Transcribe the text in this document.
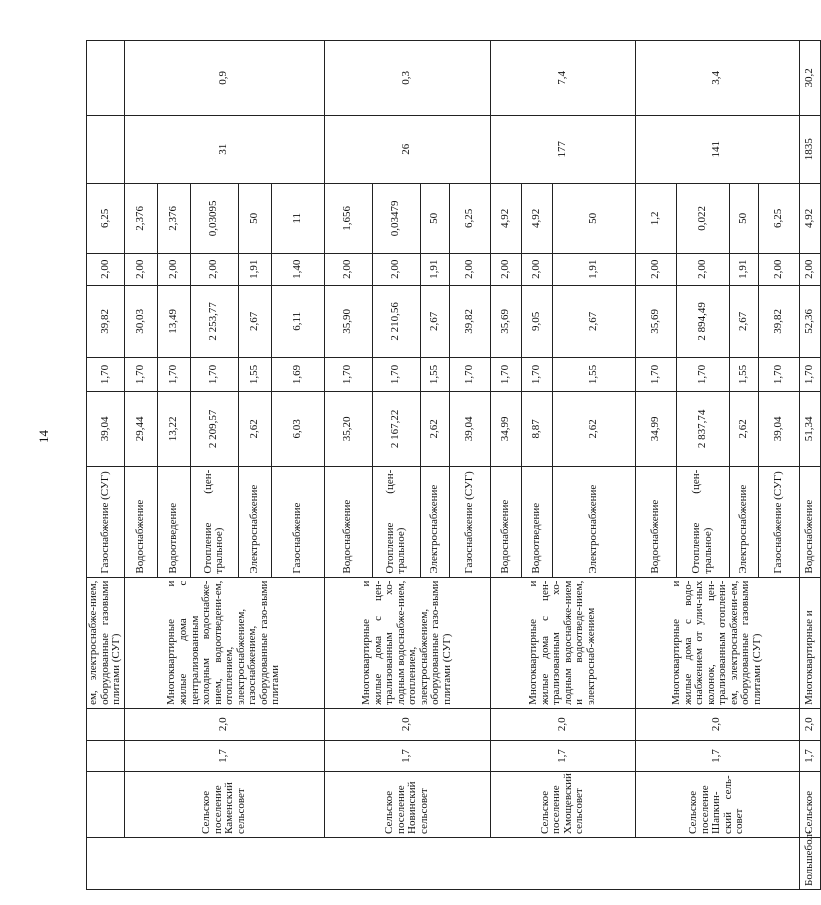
14
				ем, электроснабже-нием, оборудованные газовыми плитами (СУГ)	Газоснабжение (СУГ)	39,04	1,70	39,82	2,00	6,25		
	Сельское поселение Каменский сельсовет	1,7	2,0	Многоквартирные и жилые дома с централизованным холодным водоснабже-нием, водоотведени-ем, отоплением, электроснабжением, газоснабжением, оборудованные газо-выми плитами	Водоснабжение	29,44	1,70	30,03	2,00	2,376	31	0,9
					Водоотведение	13,22	1,70	13,49	2,00	2,376		
					Отопление (цен-тральное)	2 209,57	1,70	2 253,77	2,00	0,03095		
					Электроснабжение	2,62	1,55	2,67	1,91	50		
					Газоснабжение	6,03	1,69	6,11	1,40	11		
	Сельское поселение Новинский сельсовет	1,7	2,0	Многоквартирные и жилые дома с цен-трализованным хо-лодным водоснабже-нием, отоплением, электроснабжением, оборудованные газо-выми плитами (СУГ)	Водоснабжение	35,20	1,70	35,90	2,00	1,656	26	0,3
					Отопление (цен-тральное)	2 167,22	1,70	2 210,56	2,00	0,03479		
					Электроснабжение	2,62	1,55	2,67	1,91	50		
					Газоснабжение (СУГ)	39,04	1,70	39,82	2,00	6,25		
	Сельское поселение Хмощевский сельсовет	1,7	2,0	Многоквартирные и жилые дома с цен-трализованным хо-лодным водоснабже-нием и водоотведе-нием, электроснаб-жением	Водоснабжение	34,99	1,70	35,69	2,00	4,92	177	7,4
					Водоотведение	8,87	1,70	9,05	2,00	4,92		
					Электроснабжение	2,62	1,55	2,67	1,91	50		
	Сельское поселение Шапкин-ский сель-совет	1,7	2,0	Многоквартирные и жилые дома с водо-снабжением от улич-ных колонок, цен-трализованным отоплени-ем, электроснабжени-ем, оборудованные газовыми плитами (СУГ)	Водоснабжение	34,99	1,70	35,69	2,00	1,2	141	3,4
					Отопление (цен-тральное)	2 837,74	1,70	2 894,49	2,00	0,022		
					Электроснабжение	2,62	1,55	2,67	1,91	50		
					Газоснабжение (СУГ)	39,04	1,70	39,82	2,00	6,25		
Большебол-	Сельское	1,7	2,0	Многоквартирные и	Водоснабжение	51,34	1,70	52,36	2,00	4,92	1835	30,2
